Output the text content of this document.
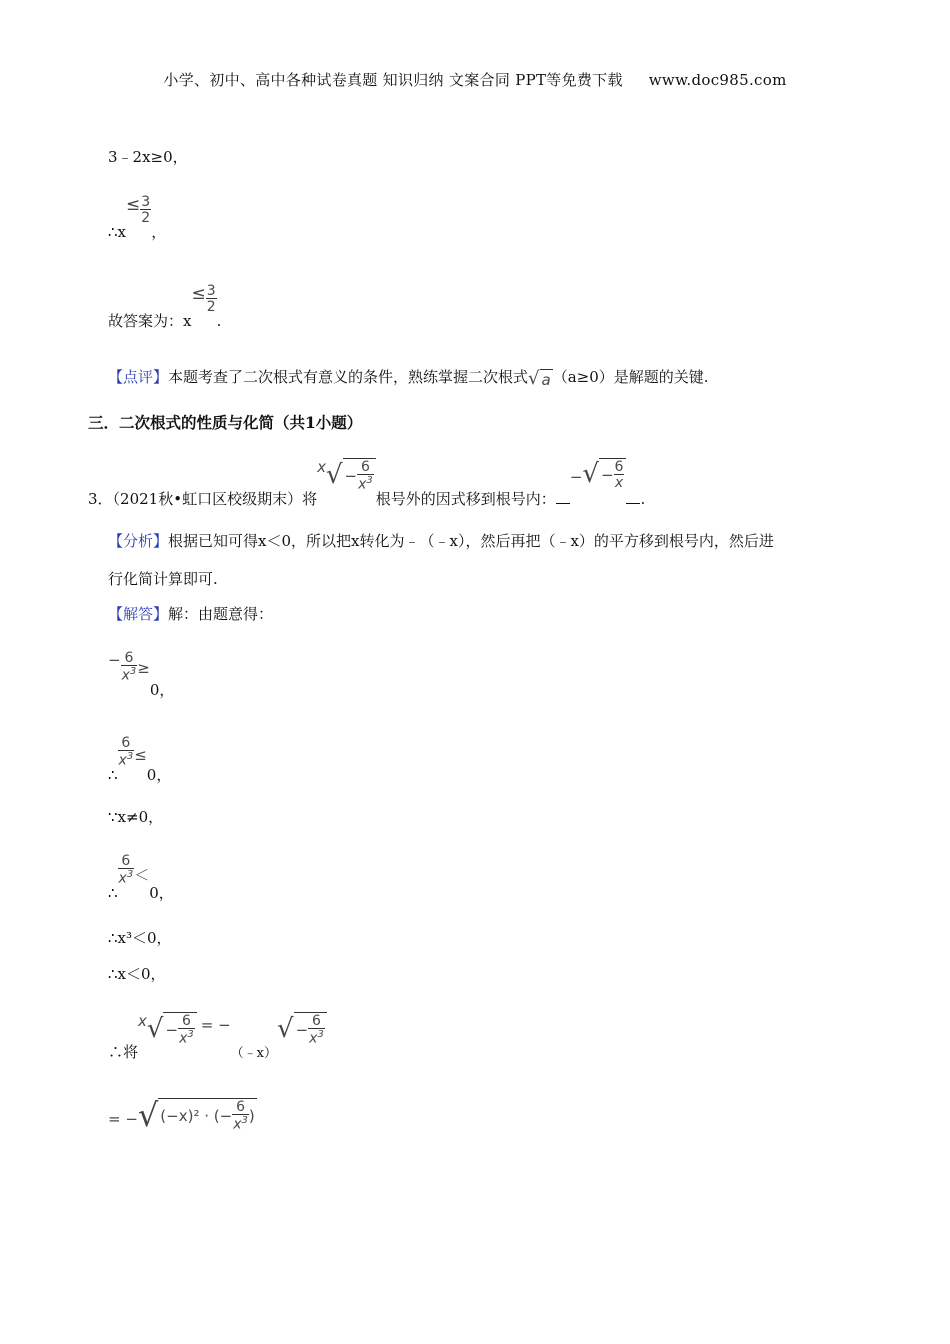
小学、初中、高中各种试卷真题 知识归纳 文案合同 PPT等免费下载 www.doc985.com
3﹣2x≥0，
∴x≤ $\frac{3}{2}$
，
故答案为：$x\le \frac{3}{2}$
.
【点评】本题考查了二次根式有意义的条件，熟练掌握二次根式 √ a （a≥0）是解题的关键.
三．二次根式的性质与化简（共1小题）
3．（2021秋•虹口区校级期末）将x √ − $\frac{6}{x^3}$
根号外的因式移到根号内：− √ − $\frac{6}{x}$
.
【分析】根据已知可得x＜0，所以把x转化为﹣（﹣x），然后再把（﹣x）的平方移到根号内，然后进
行化简计算即可.
【解答】解：由题意得：
− $\frac{6}{x^3} \ge 0$，
∴
$\frac{6}{x^3} \le 0$，
∵x≠0，
∴
$\frac{6}{x^3} <0$，
∴x³＜0，
∴x＜0，
∴将x √ − $\frac{6}{x^3}$ = −（﹣x）
√ − $\frac{6}{x^3}$
= − √ (−x)² · (− $\frac{6}{x^3}$ )
